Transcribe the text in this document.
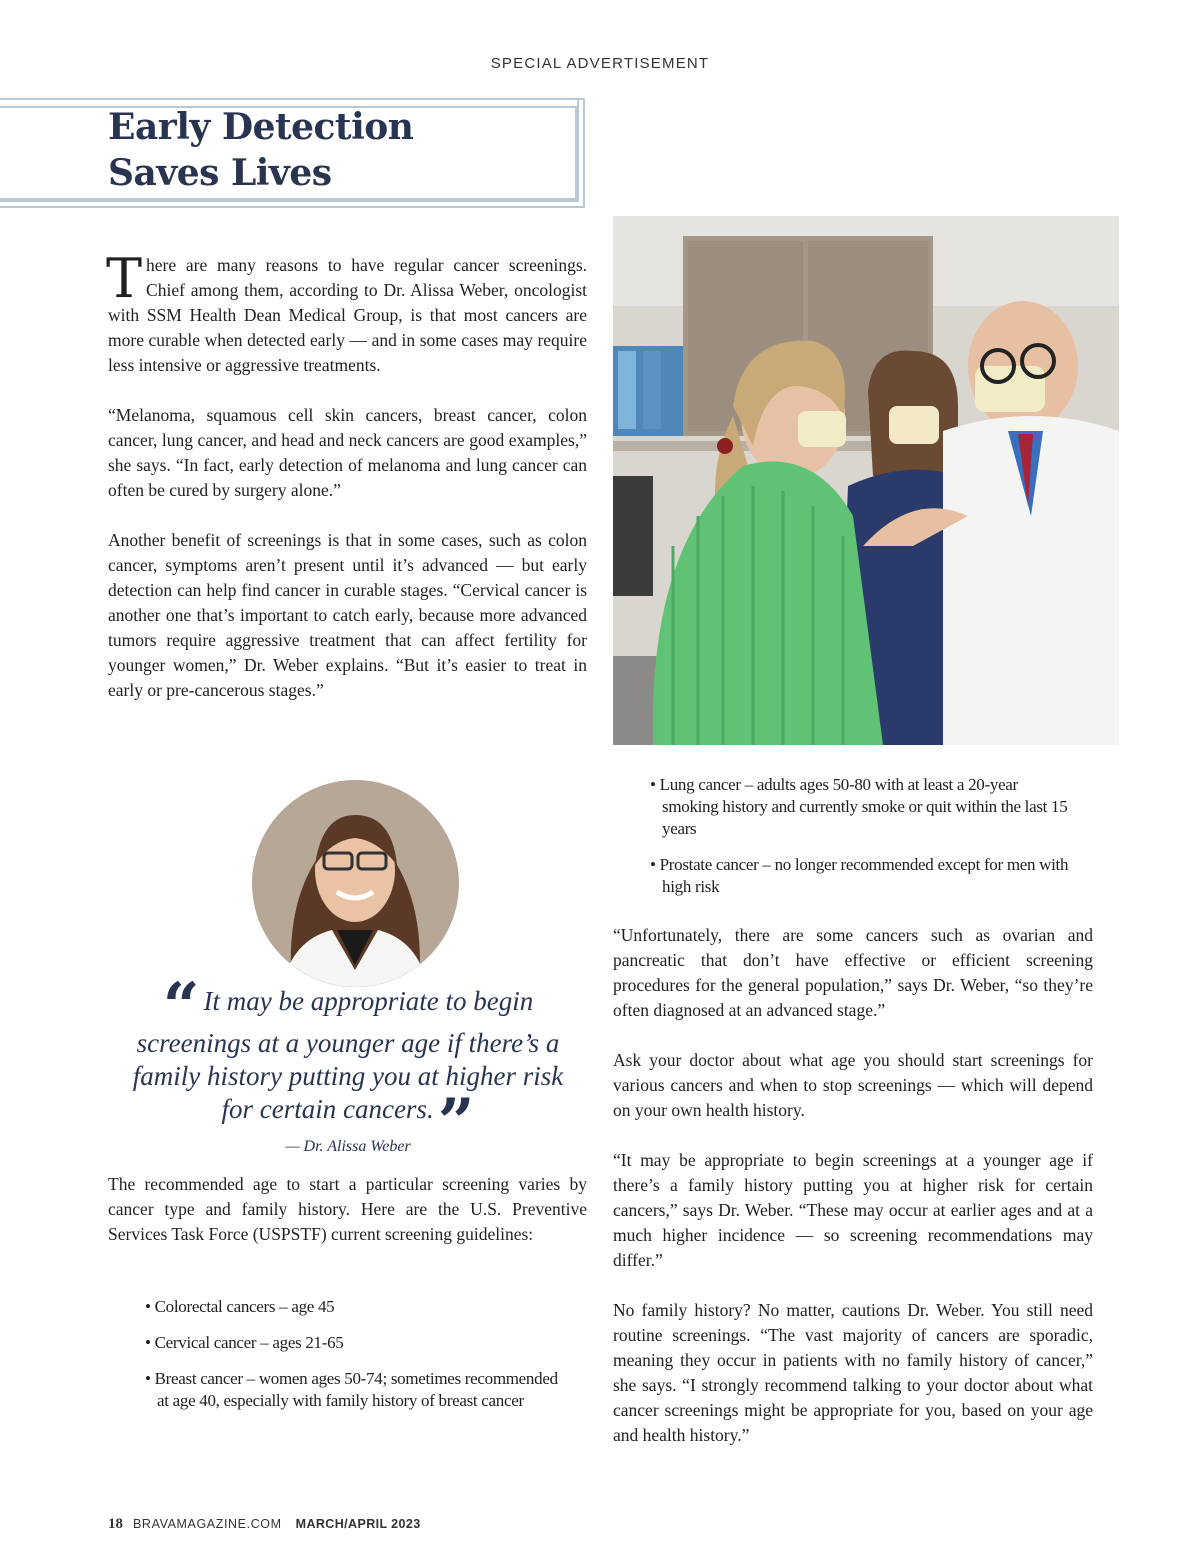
SPECIAL ADVERTISEMENT
Early Detection
Saves Lives

There are many reasons to have regular cancer screenings. Chief among them, according to Dr. Alissa Weber, oncologist with SSM Health Dean Medical Group, is that most cancers are more curable when detected early — and in some cases may require less intensive or aggressive treatments.

“Melanoma, squamous cell skin cancers, breast cancer, colon cancer, lung cancer, and head and neck cancers are good examples,” she says. “In fact, early detection of melanoma and lung cancer can often be cured by surgery alone.”

Another benefit of screenings is that in some cases, such as colon cancer, symptoms aren’t present until it’s advanced — but early detection can help find cancer in curable stages. “Cervical cancer is another one that’s important to catch early, because more advanced tumors require aggressive treatment that can affect fertility for younger women,” Dr. Weber explains. “But it’s easier to treat in early or pre-cancerous stages.”

“ It may be appropriate to begin screenings at a younger age if there’s a family history putting you at higher risk for certain cancers.”
— Dr. Alissa Weber

The recommended age to start a particular screening varies by cancer type and family history. Here are the U.S. Preventive Services Task Force (USPSTF) current screening guidelines:

• Colorectal cancers – age 45
• Cervical cancer – ages 21-65
• Breast cancer – women ages 50-74; sometimes recommended at age 40, especially with family history of breast cancer
• Lung cancer – adults ages 50-80 with at least a 20-year smoking history and currently smoke or quit within the last 15 years
• Prostate cancer – no longer recommended except for men with high risk

“Unfortunately, there are some cancers such as ovarian and pancreatic that don’t have effective or efficient screening procedures for the general population,” says Dr. Weber, “so they’re often diagnosed at an advanced stage.”

Ask your doctor about what age you should start screenings for various cancers and when to stop screenings — which will depend on your own health history.

“It may be appropriate to begin screenings at a younger age if there’s a family history putting you at higher risk for certain cancers,” says Dr. Weber. “These may occur at earlier ages and at a much higher incidence — so screening recommendations may differ.”

No family history? No matter, cautions Dr. Weber. You still need routine screenings. “The vast majority of cancers are sporadic, meaning they occur in patients with no family history of cancer,” she says. “I strongly recommend talking to your doctor about what cancer screenings might be appropriate for you, based on your age and health history.”

18 BRAVAMAGAZINE.COM MARCH/APRIL 2023
